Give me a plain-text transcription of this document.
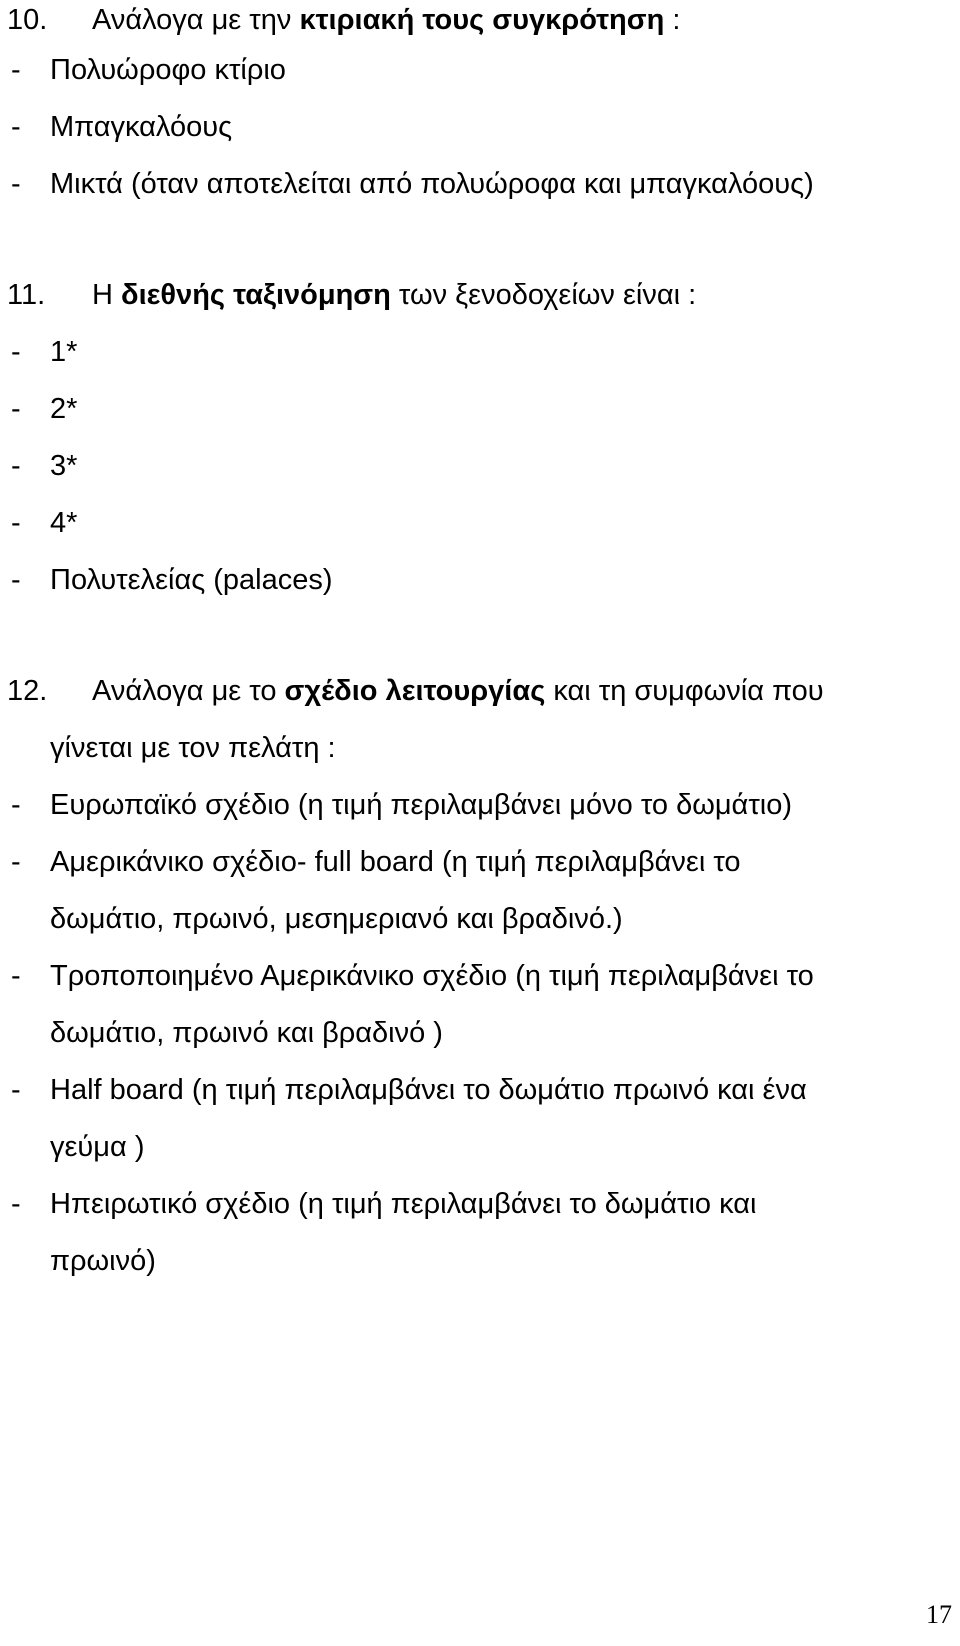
10. Ανάλογα με την κτιριακή τους συγκρότηση :
- Πολυώροφο κτίριο
- Μπαγκαλόους
- Μικτά (όταν αποτελείται από πολυώροφα και μπαγκαλόους)
11. Η διεθνής ταξινόμηση των ξενοδοχείων είναι :
- 1*
- 2*
- 3*
- 4*
- Πολυτελείας (palaces)
12. Ανάλογα με το σχέδιο λειτουργίας και τη συμφωνία που
γίνεται με τον πελάτη :
- Ευρωπαϊκό σχέδιο (η τιμή περιλαμβάνει μόνο το δωμάτιο)
- Αμερικάνικο σχέδιο- full board (η τιμή περιλαμβάνει το
δωμάτιο, πρωινό, μεσημεριανό και βραδινό.)
- Τροποποιημένο Αμερικάνικο σχέδιο (η τιμή περιλαμβάνει το
δωμάτιο, πρωινό και βραδινό )
- Half board (η τιμή περιλαμβάνει το δωμάτιο πρωινό και ένα
γεύμα )
- Ηπειρωτικό σχέδιο (η τιμή περιλαμβάνει το δωμάτιο και
πρωινό)
17
